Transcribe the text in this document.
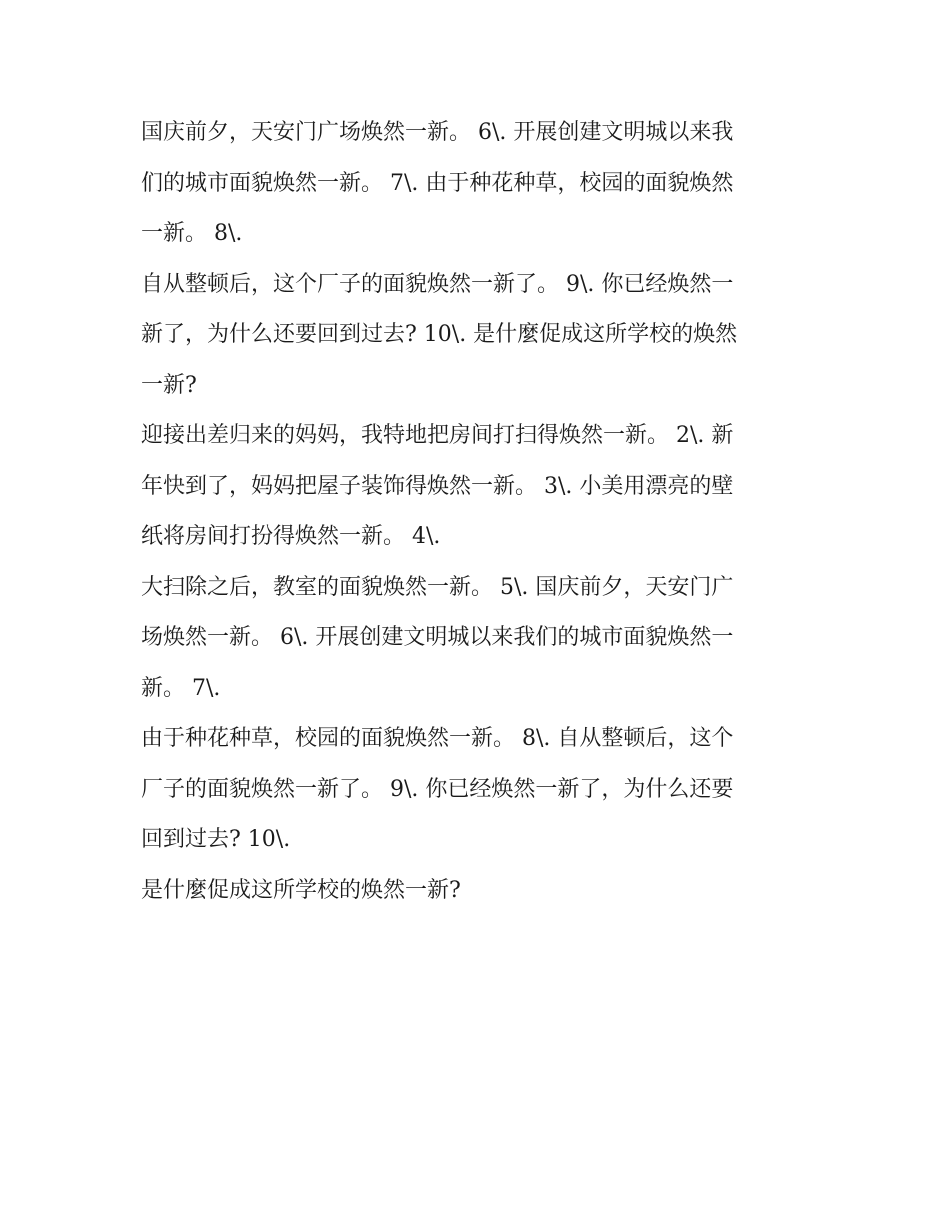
国庆前夕，天安门广场焕然一新。 6\. 开展创建文明城以来我
们的城市面貌焕然一新。 7\. 由于种花种草，校园的面貌焕然
一新。 8\.
自从整顿后，这个厂子的面貌焕然一新了。 9\. 你已经焕然一
新了，为什么还要回到过去? 10\. 是什麼促成这所学校的焕然
一新?
迎接出差归来的妈妈，我特地把房间打扫得焕然一新。 2\. 新
年快到了，妈妈把屋子装饰得焕然一新。 3\. 小美用漂亮的壁
纸将房间打扮得焕然一新。 4\.
大扫除之后，教室的面貌焕然一新。 5\. 国庆前夕，天安门广
场焕然一新。 6\. 开展创建文明城以来我们的城市面貌焕然一
新。 7\.
由于种花种草，校园的面貌焕然一新。 8\. 自从整顿后，这个
厂子的面貌焕然一新了。 9\. 你已经焕然一新了，为什么还要
回到过去? 10\.
是什麼促成这所学校的焕然一新?
